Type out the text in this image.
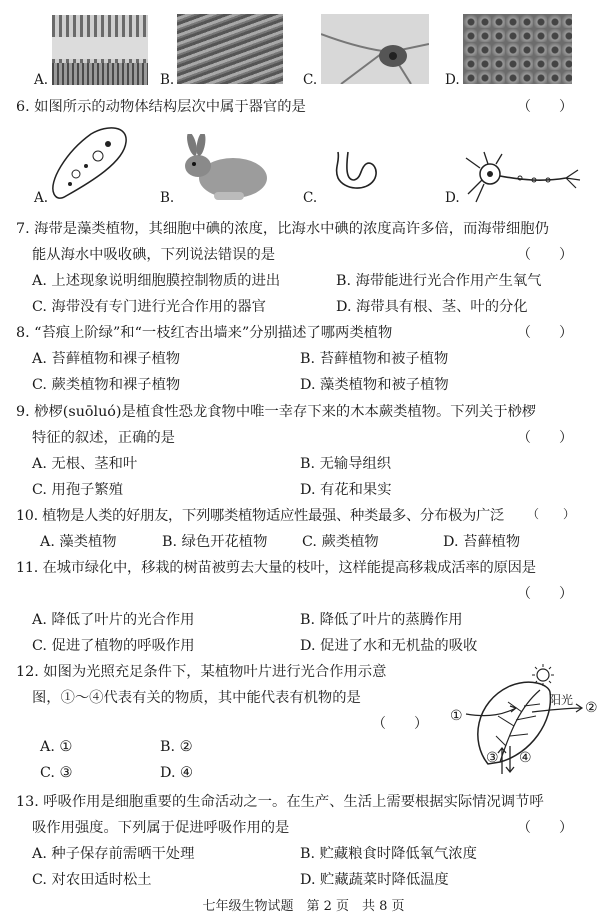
A.	B.	C.	D.
6. 如图所示的动物体结构层次中属于器官的是	（　　）
A.	B.	C.	D.
7. 海带是藻类植物，其细胞中碘的浓度，比海水中碘的浓度高许多倍，而海带细胞仍
能从海水中吸收碘，下列说法错误的是	（　　）
A. 上述现象说明细胞膜控制物质的进出	B. 海带能进行光合作用产生氧气
C. 海带没有专门进行光合作用的器官	D. 海带具有根、茎、叶的分化
8. “苔痕上阶绿”和“一枝红杏出墙来”分别描述了哪两类植物	（　　）
A. 苔藓植物和裸子植物	B. 苔藓植物和被子植物
C. 蕨类植物和裸子植物	D. 藻类植物和被子植物
9. 桫椤(suōluó)是植食性恐龙食物中唯一幸存下来的木本蕨类植物。下列关于桫椤
特征的叙述，正确的是	（　　）
A. 无根、茎和叶	B. 无输导组织
C. 用孢子繁殖	D. 有花和果实
10. 植物是人类的好朋友，下列哪类植物适应性最强、种类最多、分布极为广泛 （　　）
A. 藻类植物	B. 绿色开花植物 C. 蕨类植物	D. 苔藓植物
11. 在城市绿化中，移栽的树苗被剪去大量的枝叶，这样能提高移栽成活率的原因是
（　　）
A. 降低了叶片的光合作用	B. 降低了叶片的蒸腾作用
C. 促进了植物的呼吸作用	D. 促进了水和无机盐的吸收
12. 如图为光照充足条件下，某植物叶片进行光合作用示意
图，①～④代表有关的物质，其中能代表有机物的是
（　　）
A. ①	B. ②
C. ③	D. ④
阳光
①	②
③ ④
13. 呼吸作用是细胞重要的生命活动之一。在生产、生活上需要根据实际情况调节呼
吸作用强度。下列属于促进呼吸作用的是	（　　）
A. 种子保存前需晒干处理	B. 贮藏粮食时降低氧气浓度
C. 对农田适时松土	D. 贮藏蔬菜时降低温度
七年级生物试题　第 2 页　共 8 页
